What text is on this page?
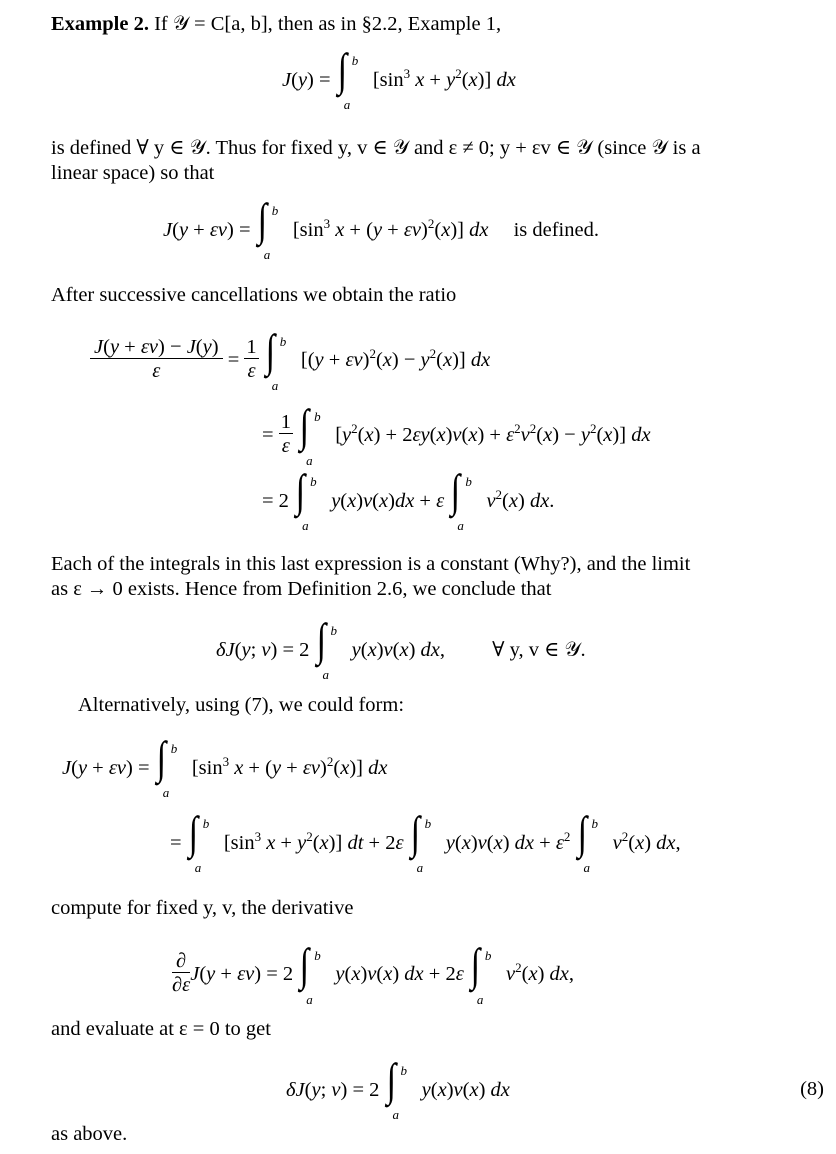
Example 2. If 𝒴 = C[a, b], then as in §2.2, Example 1,
J(y) = ∫ b
a
[$\sin^3$ $x + y^2(x)$] dx
is defined ∀ y ∈ 𝒴. Thus for fixed y, v ∈ 𝒴 and ε ≠ 0; y + εv ∈ 𝒴 (since 𝒴 is a
linear space) so that
J(y + εv) = ∫ b
a
[$\sin^3$ $x + (y + \varepsilon v)^2(x)$] dx is defined.
After successive cancellations we obtain the ratio
$\frac{J(y + \varepsilon v) - J(y)}{\varepsilon} = \frac{1}{\varepsilon}$
∫ b
a
$[(y + \varepsilon v)^2(x) - y^2(x)]$ dx
= $\frac{1}{\varepsilon}$
∫ b
a
$[y^2(x) + 2\varepsilon y(x)v(x) + \varepsilon^2v^2(x) - y^2(x)]$ dx
= 2 ∫ b
a
y(x)v(x)dx + ε ∫ b
a
$v^2(x)$ dx.
Each of the integrals in this last expression is a constant (Why?), and the limit
as ε → 0 exists. Hence from Definition 2.6, we conclude that
δJ(y; v) = 2 ∫ b
a
y(x)v(x) dx, ∀ y, v ∈ 𝒴.
Alternatively, using (7), we could form:
J(y + εv) = ∫ b
a
[$\sin^3$ $x + (y + \varepsilon v)^2(x)$] dx
= ∫ b
a
[$\sin^3$ $x + y^2(x)$] dt + 2ε ∫ b
a
y(x)v(x) dx + $\varepsilon^2$ ∫ b
a
$v^2(x)$ dx,
compute for fixed y, v, the derivative
$\frac{\partial}{\partial\varepsilon} J(y + \varepsilon v) = 2$ ∫ b
a
y(x)v(x) dx + 2ε ∫ b
a
$v^2(x)$ dx,
and evaluate at ε = 0 to get
δJ(y; v) = 2 ∫ b
a
y(x)v(x) dx	(8)
as above.
